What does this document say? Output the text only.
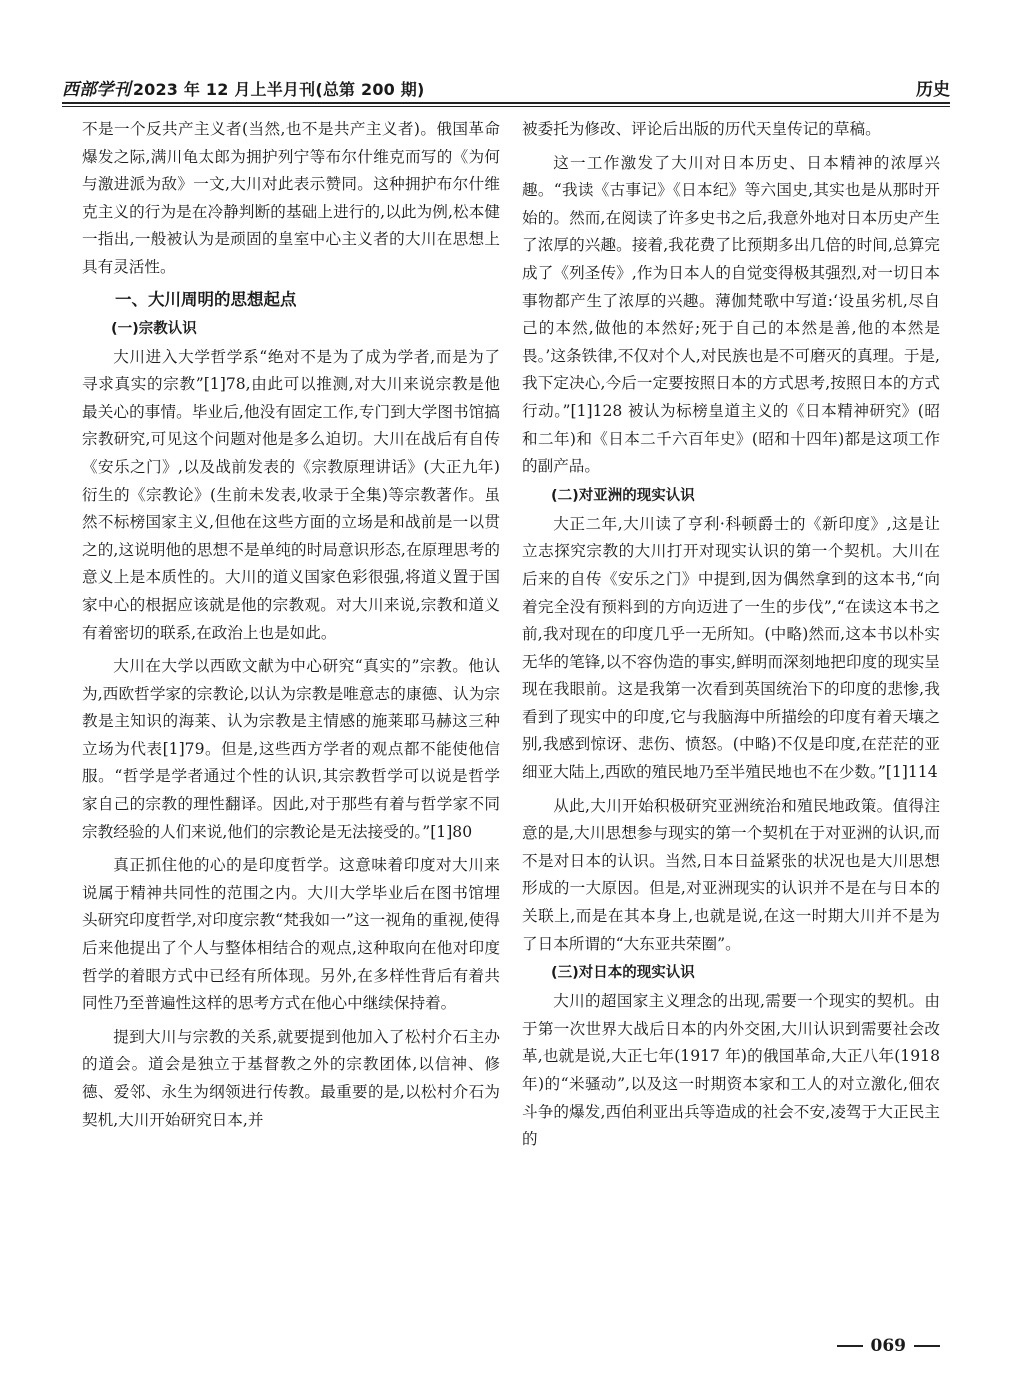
西部学刊 2023 年 12 月上半月刊(总第 200 期)	历史

不是一个反共产主义者(当然,也不是共产主义者)。俄国革命爆发之际,满川龟太郎为拥护列宁等布尔什维克而写的《为何与激进派为敌》一文,大川对此表示赞同。这种拥护布尔什维克主义的行为是在冷静判断的基础上进行的,以此为例,松本健一指出,一般被认为是顽固的皇室中心主义者的大川在思想上具有灵活性。

一、大川周明的思想起点
(一)宗教认识

大川进入大学哲学系“绝对不是为了成为学者,而是为了寻求真实的宗教”[1]78,由此可以推测,对大川来说宗教是他最关心的事情。毕业后,他没有固定工作,专门到大学图书馆搞宗教研究,可见这个问题对他是多么迫切。大川在战后有自传《安乐之门》,以及战前发表的《宗教原理讲话》(大正九年)衍生的《宗教论》(生前未发表,收录于全集)等宗教著作。虽然不标榜国家主义,但他在这些方面的立场是和战前是一以贯之的,这说明他的思想不是单纯的时局意识形态,在原理思考的意义上是本质性的。大川的道义国家色彩很强,将道义置于国家中心的根据应该就是他的宗教观。对大川来说,宗教和道义有着密切的联系,在政治上也是如此。

大川在大学以西欧文献为中心研究“真实的”宗教。他认为,西欧哲学家的宗教论,以认为宗教是唯意志的康德、认为宗教是主知识的海莱、认为宗教是主情感的施莱耶马赫这三种立场为代表[1]79。但是,这些西方学者的观点都不能使他信服。“哲学是学者通过个性的认识,其宗教哲学可以说是哲学家自己的宗教的理性翻译。因此,对于那些有着与哲学家不同宗教经验的人们来说,他们的宗教论是无法接受的。”[1]80

真正抓住他的心的是印度哲学。这意味着印度对大川来说属于精神共同性的范围之内。大川大学毕业后在图书馆埋头研究印度哲学,对印度宗教“梵我如一”这一视角的重视,使得后来他提出了个人与整体相结合的观点,这种取向在他对印度哲学的着眼方式中已经有所体现。另外,在多样性背后有着共同性乃至普遍性这样的思考方式在他心中继续保持着。

提到大川与宗教的关系,就要提到他加入了松村介石主办的道会。道会是独立于基督教之外的宗教团体,以信神、修德、爱邻、永生为纲领进行传教。最重要的是,以松村介石为契机,大川开始研究日本,并

被委托为修改、评论后出版的历代天皇传记的草稿。

这一工作激发了大川对日本历史、日本精神的浓厚兴趣。“我读《古事记》《日本纪》等六国史,其实也是从那时开始的。然而,在阅读了许多史书之后,我意外地对日本历史产生了浓厚的兴趣。接着,我花费了比预期多出几倍的时间,总算完成了《列圣传》,作为日本人的自觉变得极其强烈,对一切日本事物都产生了浓厚的兴趣。薄伽梵歌中写道:‘设虽劣机,尽自己的本然,做他的本然好;死于自己的本然是善,他的本然是畏。’这条铁律,不仅对个人,对民族也是不可磨灭的真理。于是,我下定决心,今后一定要按照日本的方式思考,按照日本的方式行动。”[1]128 被认为标榜皇道主义的《日本精神研究》(昭和二年)和《日本二千六百年史》(昭和十四年)都是这项工作的副产品。

(二)对亚洲的现实认识

大正二年,大川读了亨利·科顿爵士的《新印度》,这是让立志探究宗教的大川打开对现实认识的第一个契机。大川在后来的自传《安乐之门》中提到,因为偶然拿到的这本书,“向着完全没有预料到的方向迈进了一生的步伐”,“在读这本书之前,我对现在的印度几乎一无所知。(中略)然而,这本书以朴实无华的笔锋,以不容伪造的事实,鲜明而深刻地把印度的现实呈现在我眼前。这是我第一次看到英国统治下的印度的悲惨,我看到了现实中的印度,它与我脑海中所描绘的印度有着天壤之别,我感到惊讶、悲伤、愤怒。(中略)不仅是印度,在茫茫的亚细亚大陆上,西欧的殖民地乃至半殖民地也不在少数。”[1]114

从此,大川开始积极研究亚洲统治和殖民地政策。值得注意的是,大川思想参与现实的第一个契机在于对亚洲的认识,而不是对日本的认识。当然,日本日益紧张的状况也是大川思想形成的一大原因。但是,对亚洲现实的认识并不是在与日本的关联上,而是在其本身上,也就是说,在这一时期大川并不是为了日本所谓的“大东亚共荣圈”。

(三)对日本的现实认识

大川的超国家主义理念的出现,需要一个现实的契机。由于第一次世界大战后日本的内外交困,大川认识到需要社会改革,也就是说,大正七年(1917 年)的俄国革命,大正八年(1918 年)的“米骚动”,以及这一时期资本家和工人的对立激化,佃农斗争的爆发,西伯利亚出兵等造成的社会不安,凌驾于大正民主的

069
